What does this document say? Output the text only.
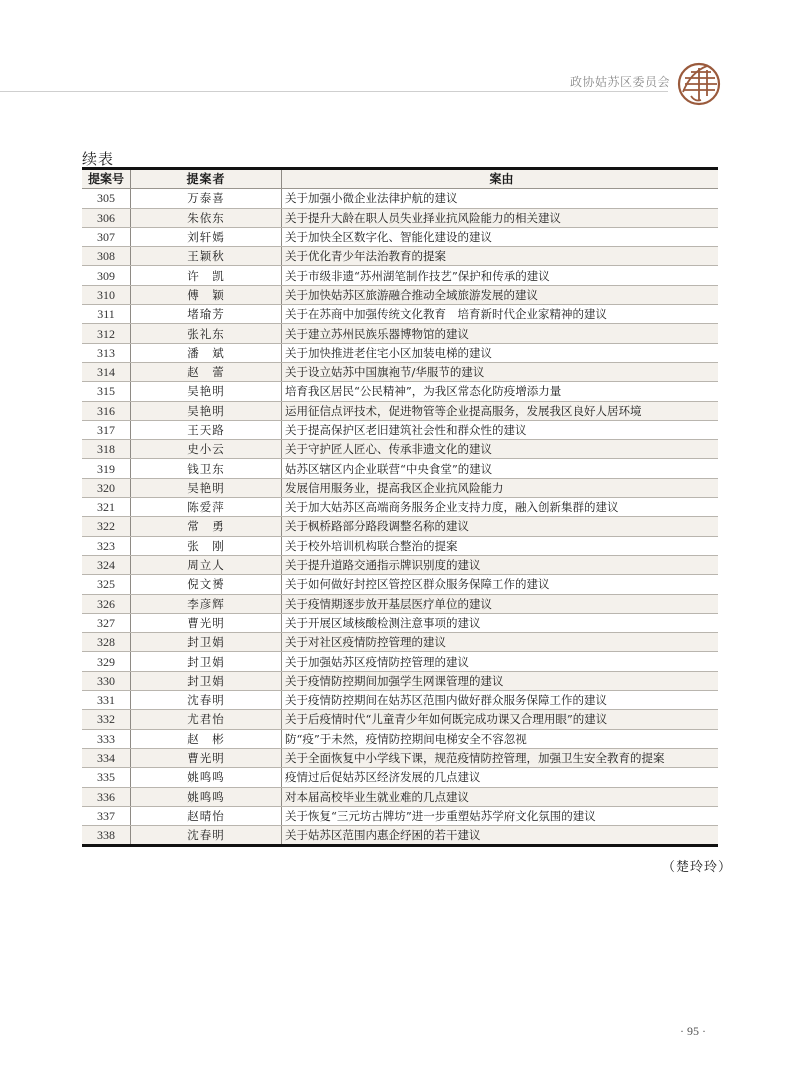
政协姑苏区委员会
续表
提案号	提案者	案由
305	万泰喜	关于加强小微企业法律护航的建议
306	朱依东	关于提升大龄在职人员失业择业抗风险能力的相关建议
307	刘轩嫣	关于加快全区数字化、智能化建设的建议
308	王颖秋	关于优化青少年法治教育的提案
309	许　凯	关于市级非遗“苏州湖笔制作技艺”保护和传承的建议
310	傅　颖	关于加快姑苏区旅游融合推动全域旅游发展的建议
311	堵瑜芳	关于在苏商中加强传统文化教育　培育新时代企业家精神的建议
312	张礼东	关于建立苏州民族乐器博物馆的建议
313	潘　斌	关于加快推进老住宅小区加装电梯的建议
314	赵　蕾	关于设立姑苏中国旗袍节/华服节的建议
315	吴艳明	培育我区居民“公民精神”，为我区常态化防疫增添力量
316	吴艳明	运用征信点评技术，促进物管等企业提高服务，发展我区良好人居环境
317	王天路	关于提高保护区老旧建筑社会性和群众性的建议
318	史小云	关于守护匠人匠心、传承非遗文化的建议
319	钱卫东	姑苏区辖区内企业联营“中央食堂”的建议
320	吴艳明	发展信用服务业，提高我区企业抗风险能力
321	陈爱萍	关于加大姑苏区高端商务服务企业支持力度，融入创新集群的建议
322	常　勇	关于枫桥路部分路段调整名称的建议
323	张　刚	关于校外培训机构联合整治的提案
324	周立人	关于提升道路交通指示牌识别度的建议
325	倪文赟	关于如何做好封控区管控区群众服务保障工作的建议
326	李彦辉	关于疫情期逐步放开基层医疗单位的建议
327	曹光明	关于开展区域核酸检测注意事项的建议
328	封卫娟	关于对社区疫情防控管理的建议
329	封卫娟	关于加强姑苏区疫情防控管理的建议
330	封卫娟	关于疫情防控期间加强学生网课管理的建议
331	沈春明	关于疫情防控期间在姑苏区范围内做好群众服务保障工作的建议
332	尤君怡	关于后疫情时代“儿童青少年如何既完成功课又合理用眼”的建议
333	赵　彬	防“疫”于未然，疫情防控期间电梯安全不容忽视
334	曹光明	关于全面恢复中小学线下课，规范疫情防控管理，加强卫生安全教育的提案
335	姚鸣鸣	疫情过后促姑苏区经济发展的几点建议
336	姚鸣鸣	对本届高校毕业生就业难的几点建议
337	赵晴怡	关于恢复“三元坊古牌坊”进一步重塑姑苏学府文化氛围的建议
338	沈春明	关于姑苏区范围内惠企纾困的若干建议
（楚玲玲）
· 95 ·
